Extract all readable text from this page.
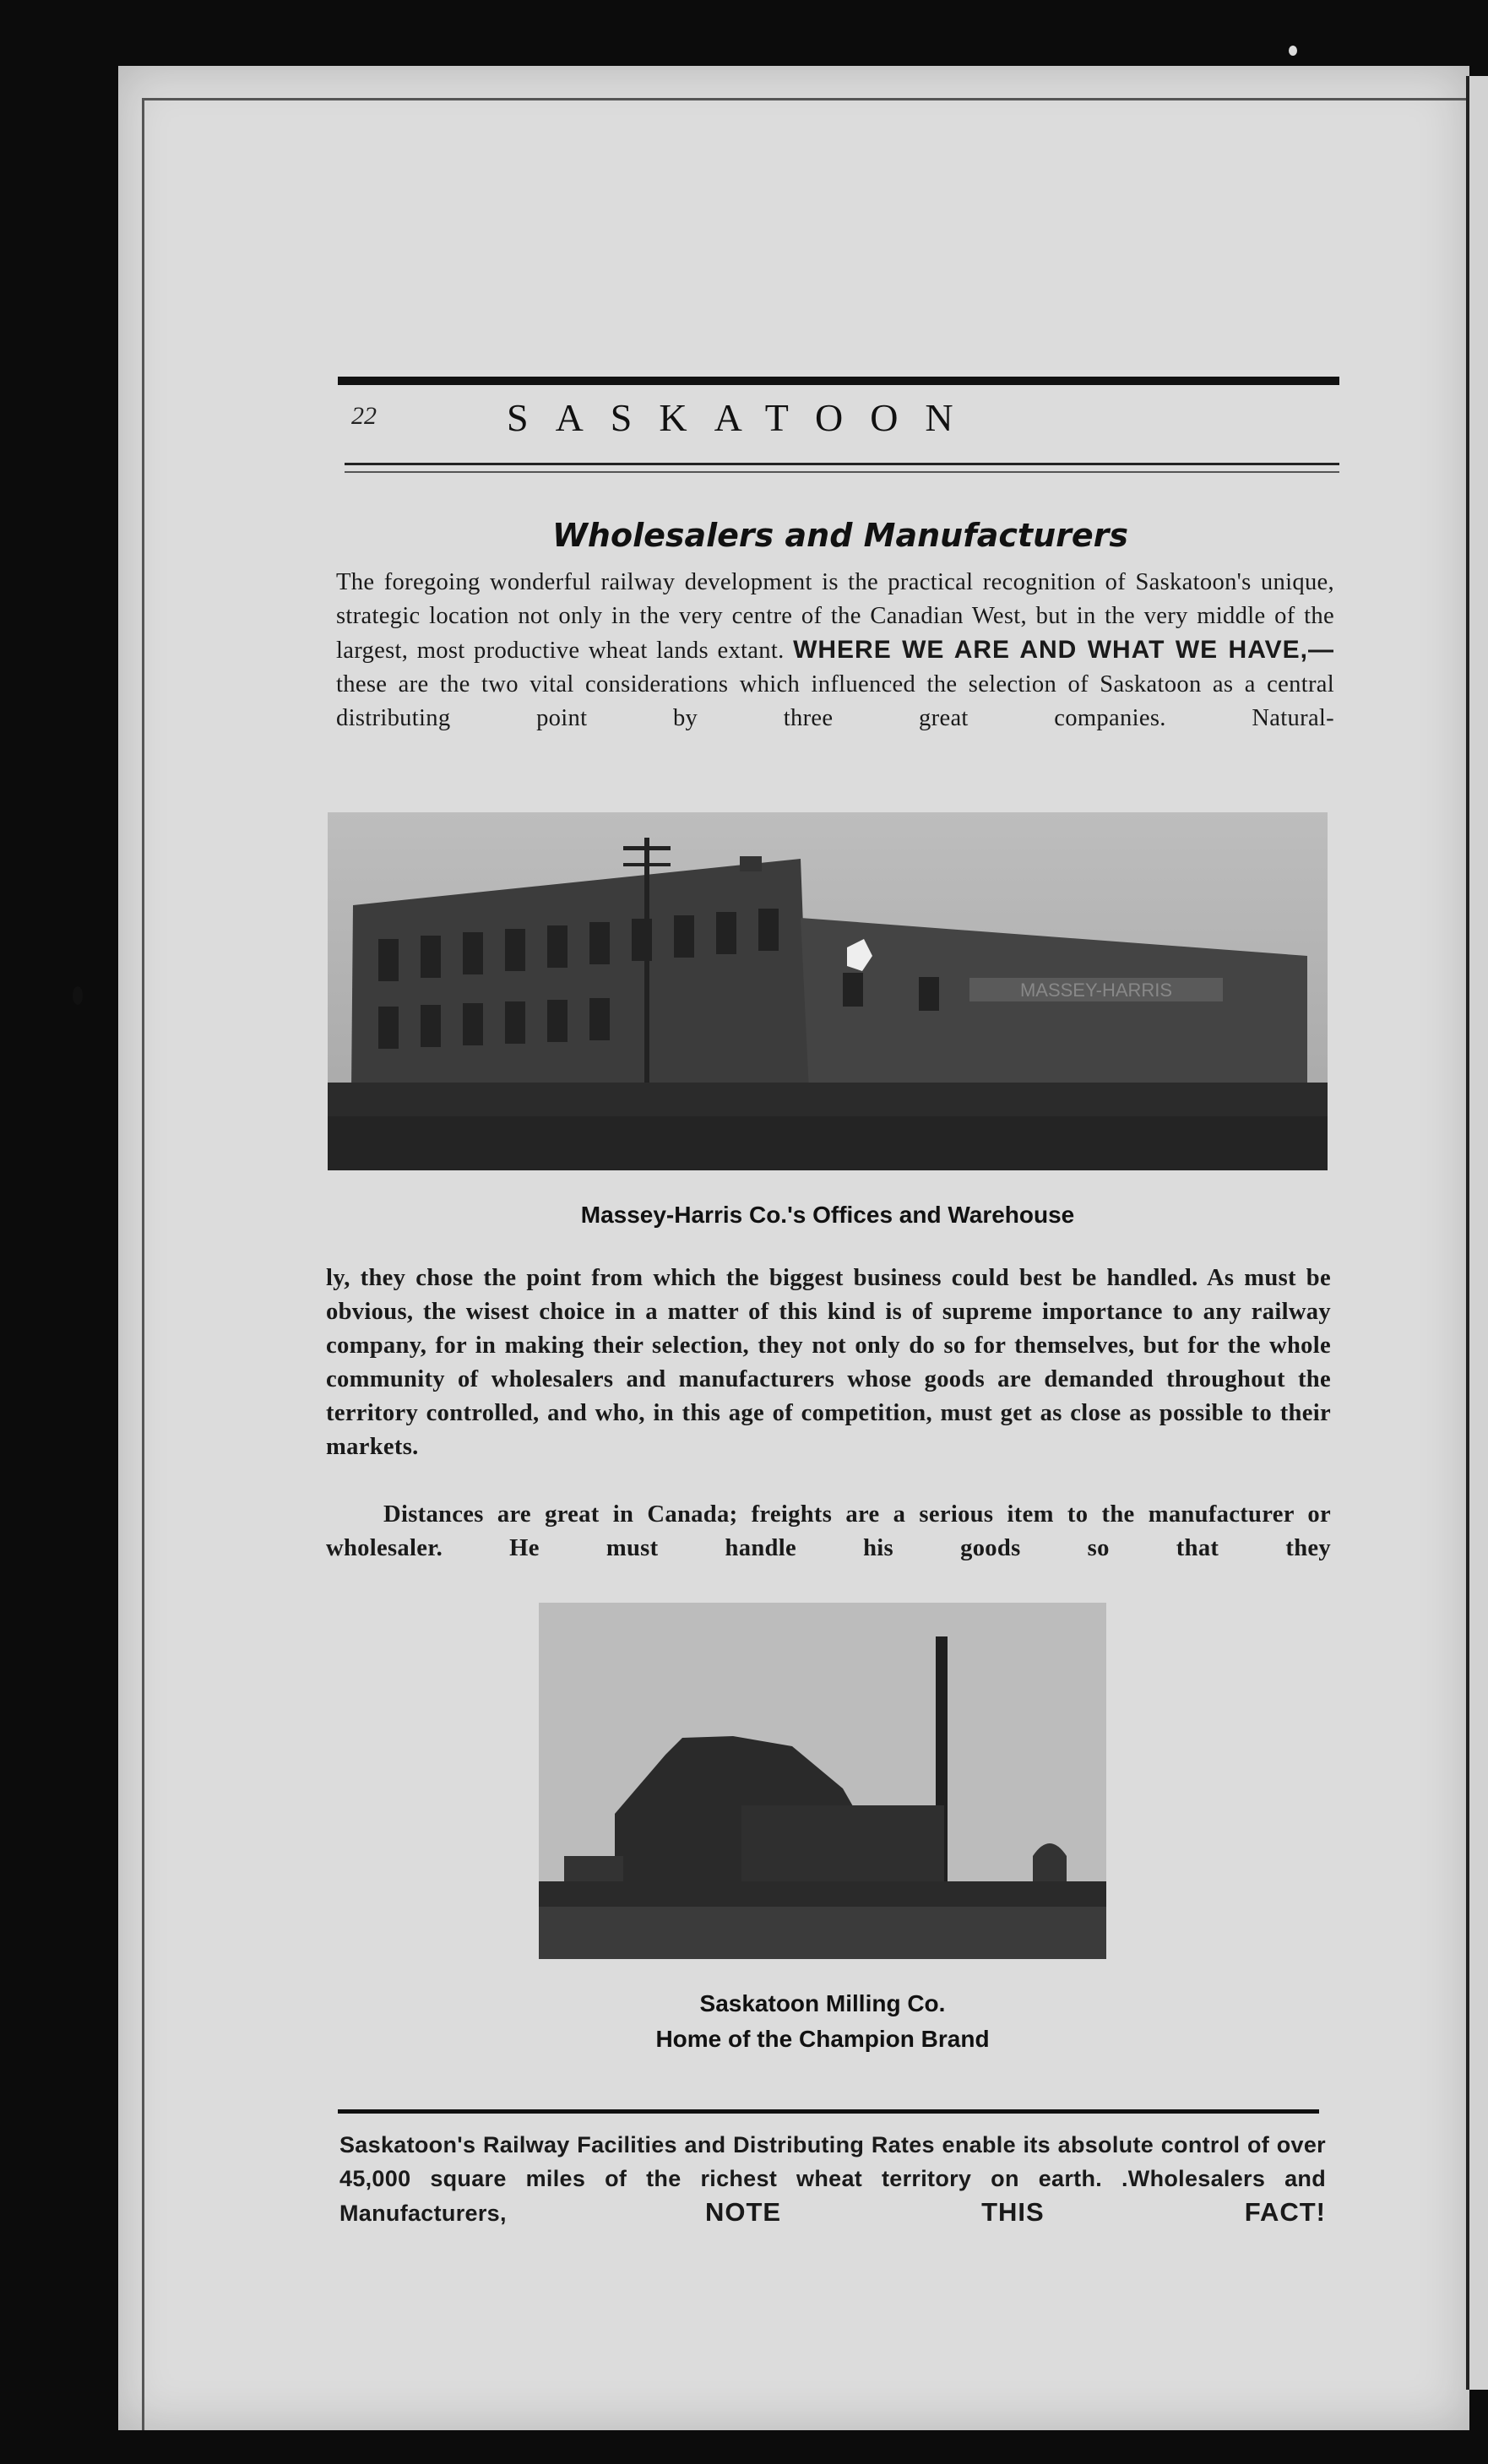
22	SASKATOON
Wholesalers and Manufacturers
The foregoing wonderful railway development is the practical recognition of Saskatoon's unique, strategic location not only in the very centre of the Canadian West, but in the very middle of the largest, most productive wheat lands extant. WHERE WE ARE AND WHAT WE HAVE,— these are the two vital considerations which influenced the selection of Saskatoon as a central distributing point by three great companies. Natural-
MASSEY-HARRIS
Massey-Harris Co.'s Offices and Warehouse
ly, they chose the point from which the biggest business could best be handled. As must be obvious, the wisest choice in a matter of this kind is of supreme importance to any railway company, for in making their selection, they not only do so for themselves, but for the whole community of wholesalers and manufacturers whose goods are demanded throughout the territory controlled, and who, in this age of competition, must get as close as possible to their markets.
Distances are great in Canada; freights are a serious item to the manufacturer or wholesaler. He must handle his goods so that they
Saskatoon Milling Co.
Home of the Champion Brand
Saskatoon's Railway Facilities and Distributing Rates enable its absolute control of over 45,000 square miles of the richest wheat territory on earth. .Wholesalers and Manufacturers,	NOTE THIS FACT!
